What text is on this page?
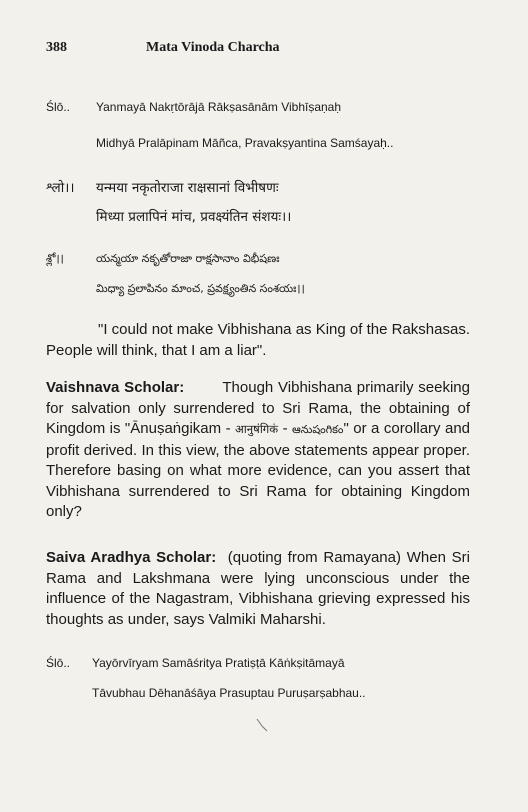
388	Mata Vinoda Charcha
Ślō.. Yanmayā Nakṛtōrājā Rākṣasānām Vibhīṣaṇaḥ
Midhyā Pralāpinam Māñca, Pravakṣyantina Samśayaḥ..
श्लो।। यन्मया नकृतोराजा राक्षसानां विभीषणः
मिध्या प्रलापिनं मांच, प्रवक्ष्यंतिन संशयः।।
శ్లో।।	యన్మయా నకృతోరాజా రాక్షసానాం విభీషణః
మిధ్యా ప్రలాపినం మాంచ, ప్రవక్ష్యంతిన సంశయః।।
"I could not make Vibhishana as King of the Rakshasas. People will think, that I am a liar".
Vaishnava Scholar:	Though Vibhishana primarily seeking for salvation only surrendered to Sri Rama, the obtaining of Kingdom is "Ānuṣaṅgikam - आनुषंगिकं - ఆనుషంగికం" or a corollary and profit derived. In this view, the above statements appear proper. Therefore basing on what more evidence, can you assert that Vibhishana surrendered to Sri Rama for obtaining Kingdom only?
Saiva Aradhya Scholar: (quoting from Ramayana) When Sri Rama and Lakshmana were lying unconscious under the influence of the Nagastram, Vibhishana grieving expressed his thoughts as under, says Valmiki Maharshi.
Ślō.. Yayōrvīryam Samāśritya Pratiṣṭā Kāṅkṣitāmayā
Tāvubhau Dēhanāśāya Prasuptau Puruṣarṣabhau..
